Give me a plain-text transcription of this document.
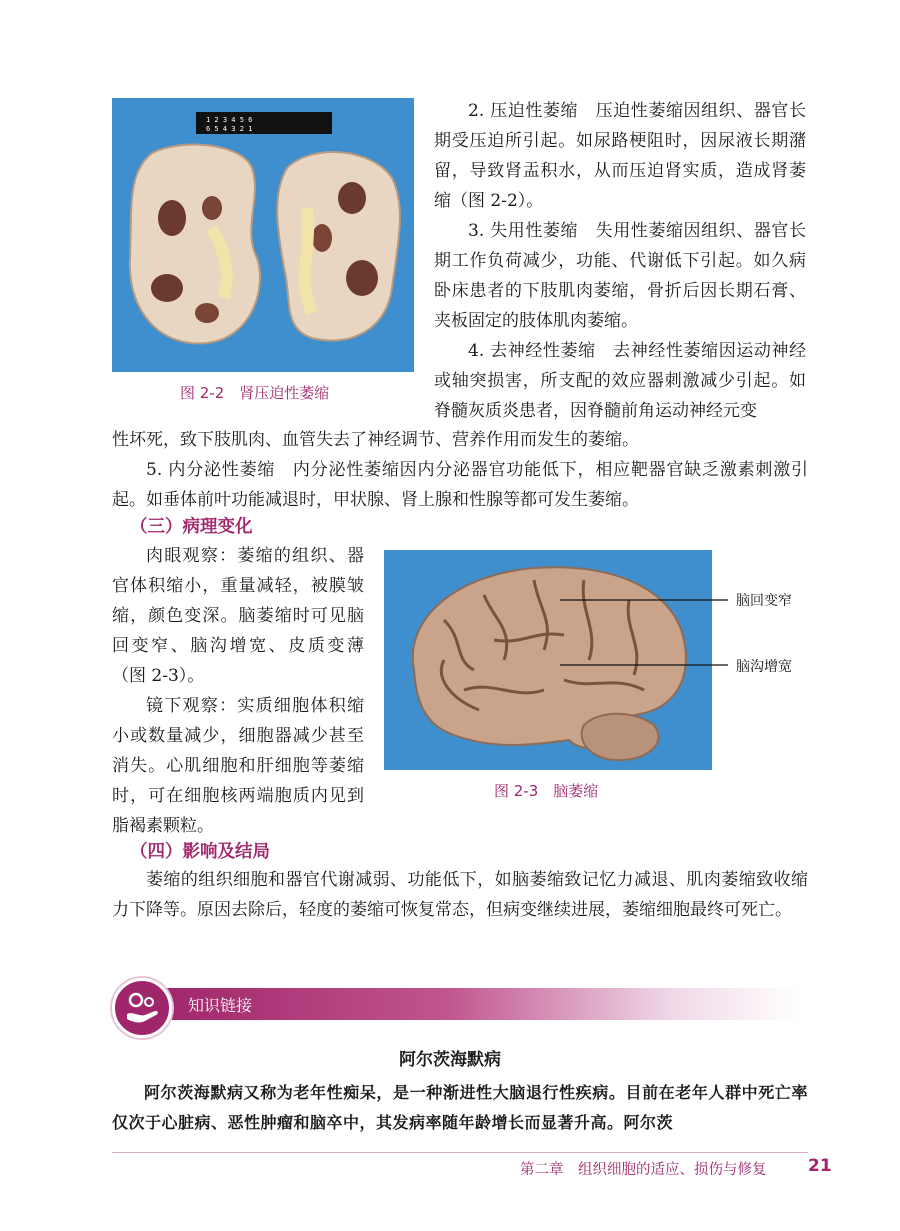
1 2 3 4 5 6
6 5 4 3 2 1
图 2-2　肾压迫性萎缩

2. 压迫性萎缩　压迫性萎缩因组织、器官长期受压迫所引起。如尿路梗阻时，因尿液长期潴留，导致肾盂积水，从而压迫肾实质，造成肾萎缩（图 2-2）。

3. 失用性萎缩　失用性萎缩因组织、器官长期工作负荷减少，功能、代谢低下引起。如久病卧床患者的下肢肌肉萎缩，骨折后因长期石膏、夹板固定的肢体肌肉萎缩。

4. 去神经性萎缩　去神经性萎缩因运动神经或轴突损害，所支配的效应器刺激减少引起。如脊髓灰质炎患者，因脊髓前角运动神经元变

性坏死，致下肢肌肉、血管失去了神经调节、营养作用而发生的萎缩。

5. 内分泌性萎缩　内分泌性萎缩因内分泌器官功能低下，相应靶器官缺乏激素刺激引起。如垂体前叶功能减退时，甲状腺、肾上腺和性腺等都可发生萎缩。

（三）病理变化

肉眼观察：萎缩的组织、器官体积缩小，重量减轻，被膜皱缩，颜色变深。脑萎缩时可见脑回变窄、脑沟增宽、皮质变薄（图 2-3）。

镜下观察：实质细胞体积缩小或数量减少，细胞器减少甚至消失。心肌细胞和肝细胞等萎缩时，可在细胞核两端胞质内见到脂褐素颗粒。

脑回变窄
脑沟增宽
图 2-3　脑萎缩
（四）影响及结局

萎缩的组织细胞和器官代谢减弱、功能低下，如脑萎缩致记忆力减退、肌肉萎缩致收缩力下降等。原因去除后，轻度的萎缩可恢复常态，但病变继续进展，萎缩细胞最终可死亡。

知识链接
阿尔茨海默病

阿尔茨海默病又称为老年性痴呆，是一种渐进性大脑退行性疾病。目前在老年人群中死亡率仅次于心脏病、恶性肿瘤和脑卒中，其发病率随年龄增长而显著升高。阿尔茨

第二章　组织细胞的适应、损伤与修复 21
